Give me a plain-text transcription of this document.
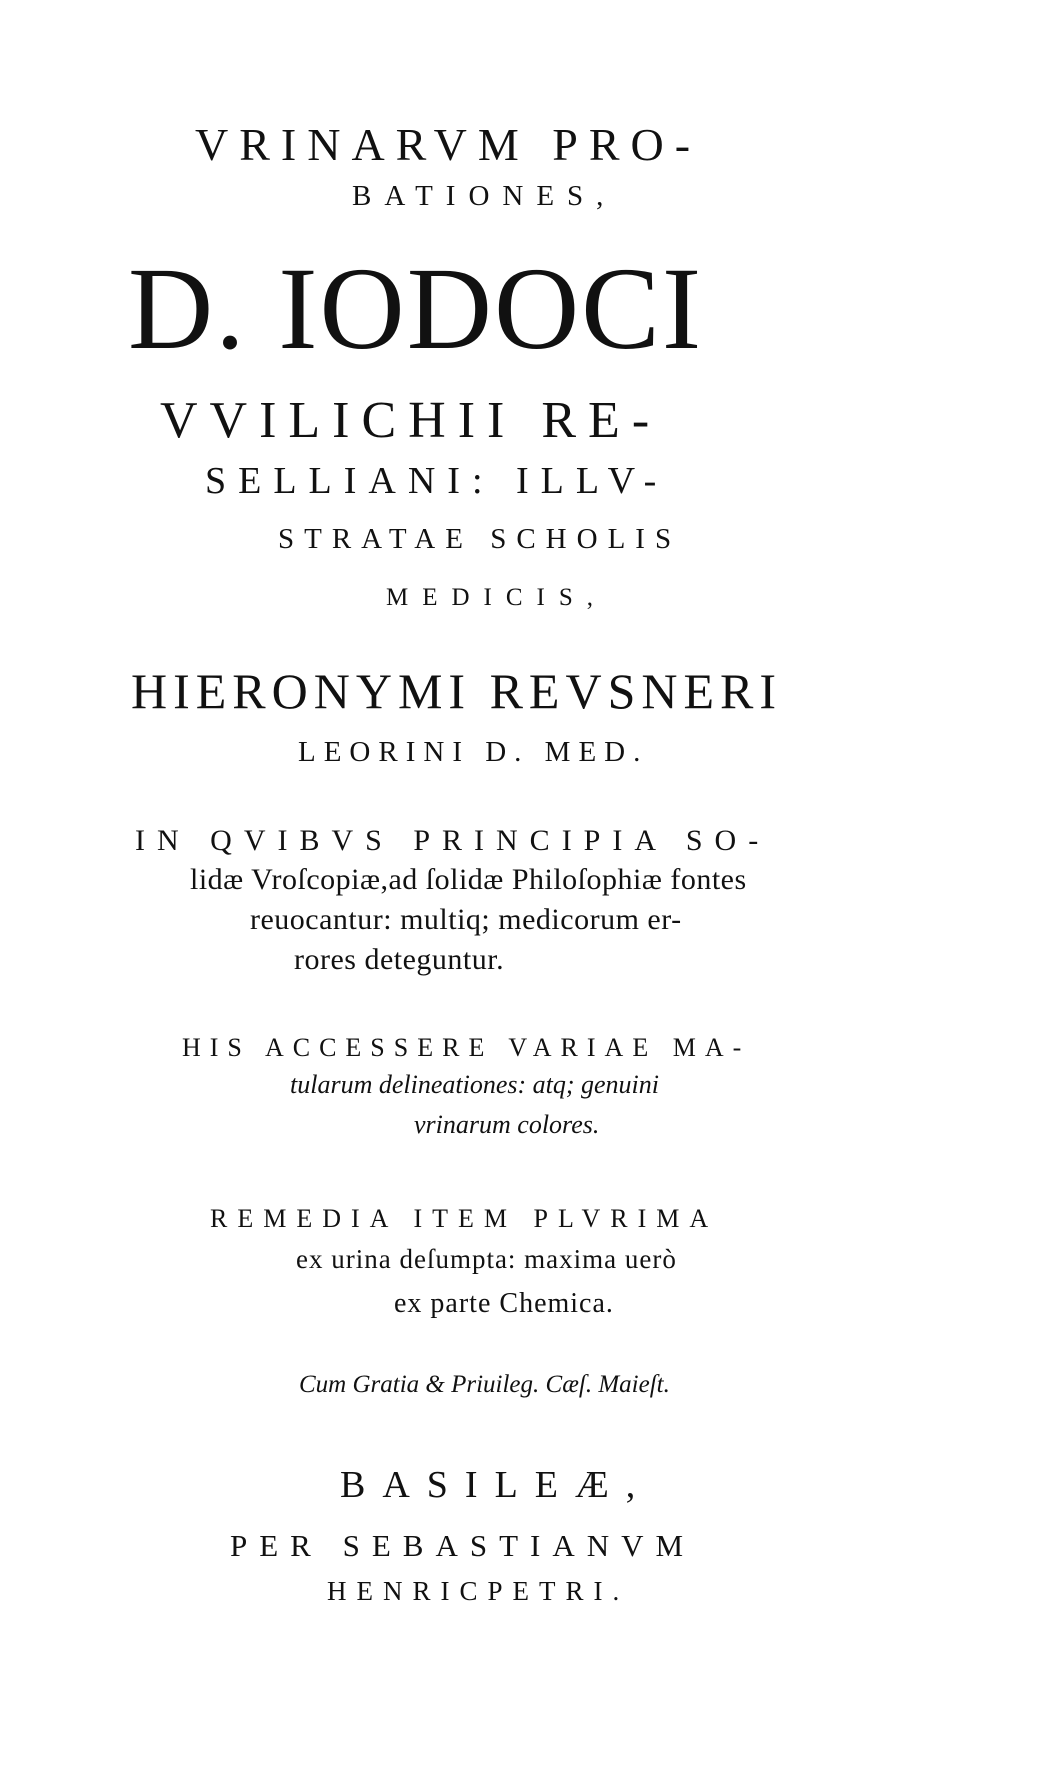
VRINARVM PRO-
BATIONES,
D. IODOCI
VVILICHII RE-
SELLIANI: ILLV-
STRATAE SCHOLIS
MEDICIS,
HIERONYMI REVSNERI
LEORINI D. MED.
IN QVIBVS PRINCIPIA SO-
lidæ Vroſcopiæ,ad ſolidæ Philoſophiæ fontes
reuocantur: multiq; medicorum er-
rores deteguntur.
HIS ACCESSERE VARIAE MA-
tularum delineationes: atq; genuini
vrinarum colores.
REMEDIA ITEM PLVRIMA
ex urina deſumpta: maxima uerò
ex parte Chemica.
Cum Gratia & Priuileg. Cæſ. Maieſt.
BASILEÆ,
PER SEBASTIANVM
HENRICPETRI.
